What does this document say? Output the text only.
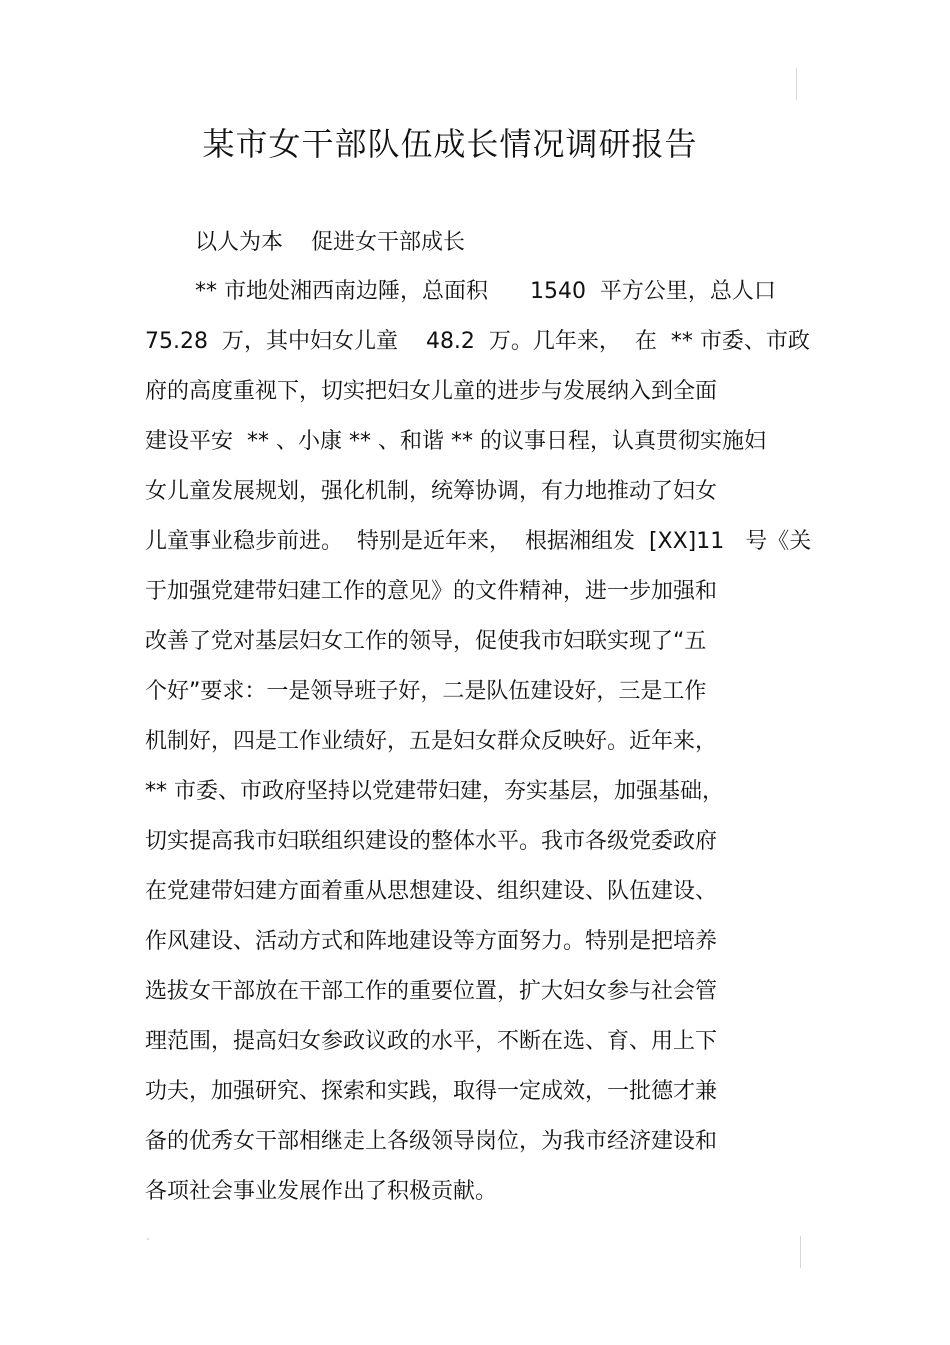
某市女干部队伍成长情况调研报告
以人为本    促进女干部成长
** 市地处湘西南边陲，总面积      1540  平方公里，总人口
75.28  万，其中妇女儿童    48.2  万。几年来，  在  ** 市委、市政
府的高度重视下，切实把妇女儿童的进步与发展纳入到全面
建设平安  ** 、小康 ** 、和谐 ** 的议事日程，认真贯彻实施妇
女儿童发展规划，强化机制，统筹协调，有力地推动了妇女
儿童事业稳步前进。  特别是近年来，  根据湘组发  [XX]11   号《关
于加强党建带妇建工作的意见》的文件精神，进一步加强和
改善了党对基层妇女工作的领导，促使我市妇联实现了“五
个好”要求：一是领导班子好，二是队伍建设好，三是工作
机制好，四是工作业绩好，五是妇女群众反映好。近年来，
** 市委、市政府坚持以党建带妇建，夯实基层，加强基础，
切实提高我市妇联组织建设的整体水平。我市各级党委政府
在党建带妇建方面着重从思想建设、组织建设、队伍建设、
作风建设、活动方式和阵地建设等方面努力。特别是把培养
选拔女干部放在干部工作的重要位置，扩大妇女参与社会管
理范围，提高妇女参政议政的水平，不断在选、育、用上下
功夫，加强研究、探索和实践，取得一定成效，一批德才兼
备的优秀女干部相继走上各级领导岗位，为我市经济建设和
各项社会事业发展作出了积极贡献。
